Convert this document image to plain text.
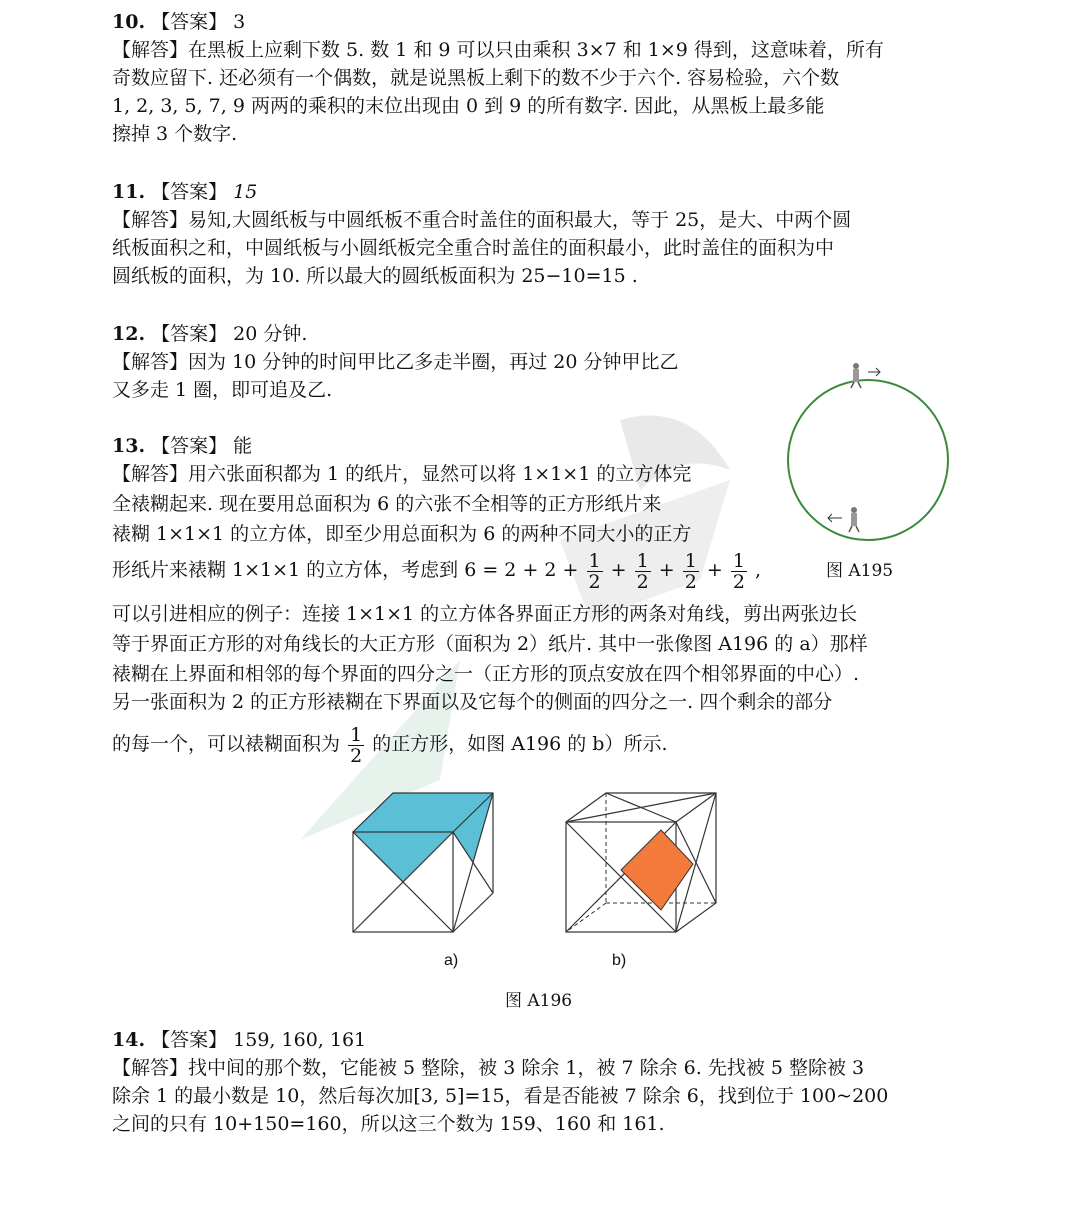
10. 【答案】 3
【解答】在黑板上应剩下数 5. 数 1 和 9 可以只由乘积 3×7 和 1×9 得到，这意味着，所有
奇数应留下. 还必须有一个偶数，就是说黑板上剩下的数不少于六个. 容易检验，六个数
1, 2, 3, 5, 7, 9 两两的乘积的末位出现由 0 到 9 的所有数字. 因此，从黑板上最多能
擦掉 3 个数字.
11. 【答案】 15
【解答】易知,大圆纸板与中圆纸板不重合时盖住的面积最大，等于 25，是大、中两个圆
纸板面积之和，中圆纸板与小圆纸板完全重合时盖住的面积最小，此时盖住的面积为中
圆纸板的面积，为 10. 所以最大的圆纸板面积为 25−10=15 .
12. 【答案】 20 分钟.
【解答】因为 10 分钟的时间甲比乙多走半圈，再过 20 分钟甲比乙
又多走 1 圈，即可追及乙.
13. 【答案】 能
【解答】用六张面积都为 1 的纸片，显然可以将 1×1×1 的立方体完
全裱糊起来. 现在要用总面积为 6 的六张不全相等的正方形纸片来
裱糊 1×1×1 的立方体，即至少用总面积为 6 的两种不同大小的正方
形纸片来裱糊 1×1×1 的立方体，考虑到 $6 = 2 + 2 + \frac{1}{2} + \frac{1}{2} + \frac{1}{2} + \frac{1}{2}$ ,
可以引进相应的例子：连接 1×1×1 的立方体各界面正方形的两条对角线，剪出两张边长
等于界面正方形的对角线长的大正方形（面积为 2）纸片. 其中一张像图 A196 的 a）那样
裱糊在上界面和相邻的每个界面的四分之一（正方形的顶点安放在四个相邻界面的中心）.
另一张面积为 2 的正方形裱糊在下界面以及它每个的侧面的四分之一. 四个剩余的部分
的每一个，可以裱糊面积为 $\frac{1}{2}$ 的正方形，如图 A196 的 b）所示.
图 A195
a)	b)
图 A196
14. 【答案】 159, 160, 161
【解答】找中间的那个数，它能被 5 整除，被 3 除余 1，被 7 除余 6. 先找被 5 整除被 3
除余 1 的最小数是 10，然后每次加[3, 5]=15，看是否能被 7 除余 6，找到位于 100~200
之间的只有 10+150=160，所以这三个数为 159、160 和 161.
